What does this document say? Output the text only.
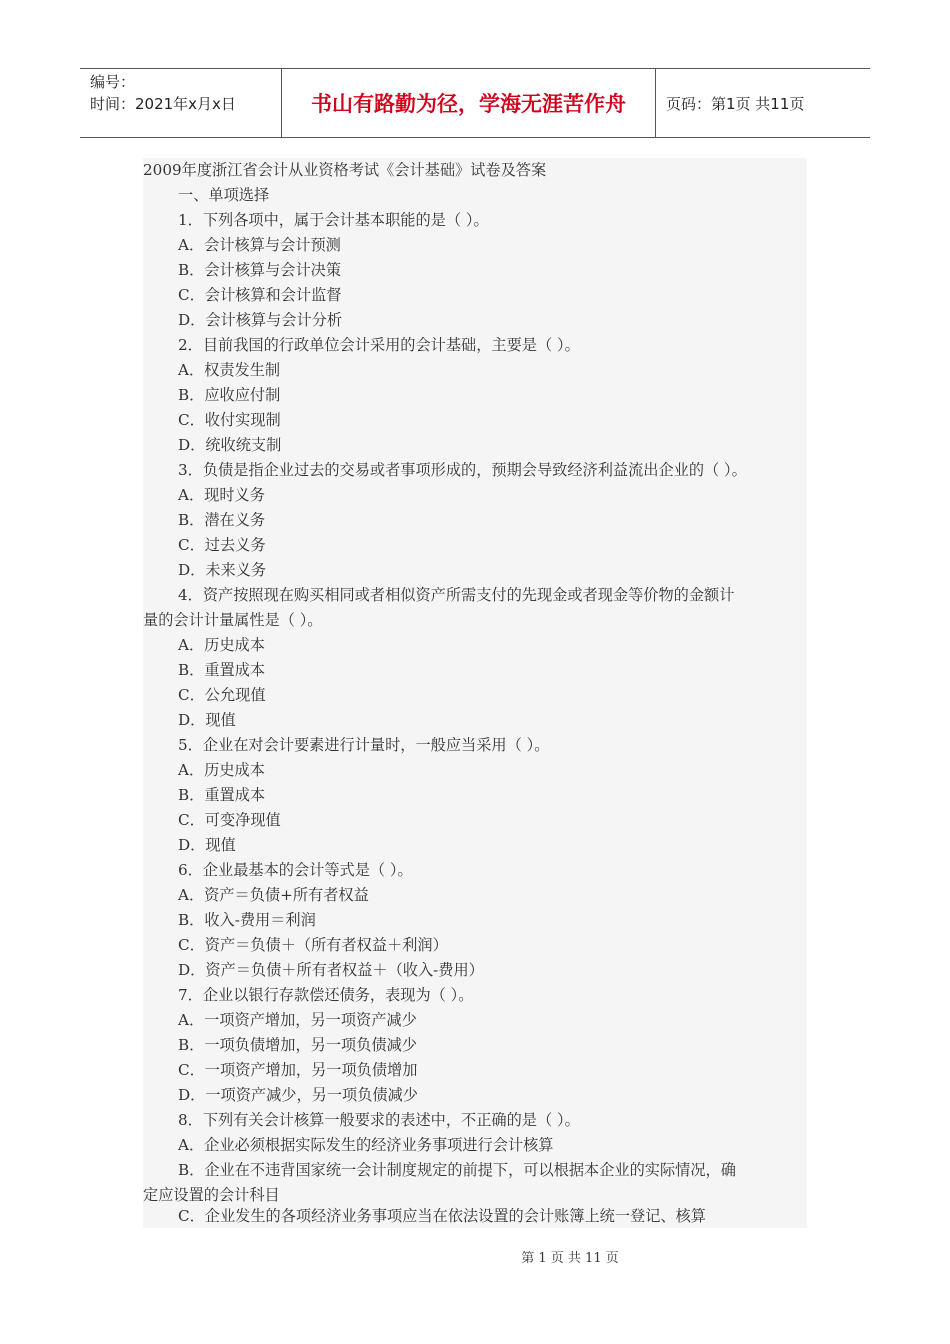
编号：
时间：2021年x月x日	书山有路勤为径，学海无涯苦作舟	页码：第1页 共11页
2009年度浙江省会计从业资格考试《会计基础》试卷及答案
一、单项选择
1．下列各项中，属于会计基本职能的是（ ）。
A．会计核算与会计预测
B．会计核算与会计决策
C．会计核算和会计监督
D．会计核算与会计分析
2．目前我国的行政单位会计采用的会计基础，主要是（ ）。
A．权责发生制
B．应收应付制
C．收付实现制
D．统收统支制
3．负债是指企业过去的交易或者事项形成的，预期会导致经济利益流出企业的（ ）。
A．现时义务
B．潜在义务
C．过去义务
D．未来义务
4．资产按照现在购买相同或者相似资产所需支付的先现金或者现金等价物的金额计
量的会计计量属性是（ ）。
A．历史成本
B．重置成本
C．公允现值
D．现值
5．企业在对会计要素进行计量时，一般应当采用（ ）。
A．历史成本
B．重置成本
C．可变净现值
D．现值
6．企业最基本的会计等式是（ ）。
A．资产＝负债+所有者权益
B．收入-费用＝利润
C．资产＝负债＋（所有者权益＋利润）
D．资产＝负债＋所有者权益＋（收入-费用）
7．企业以银行存款偿还债务，表现为（ ）。
A．一项资产增加，另一项资产减少
B．一项负债增加，另一项负债减少
C．一项资产增加，另一项负债增加
D．一项资产减少，另一项负债减少
8．下列有关会计核算一般要求的表述中，不正确的是（ ）。
A．企业必须根据实际发生的经济业务事项进行会计核算
B．企业在不违背国家统一会计制度规定的前提下，可以根据本企业的实际情况，确
定应设置的会计科目
C．企业发生的各项经济业务事项应当在依法设置的会计账簿上统一登记、核算
第 1 页 共 11 页
